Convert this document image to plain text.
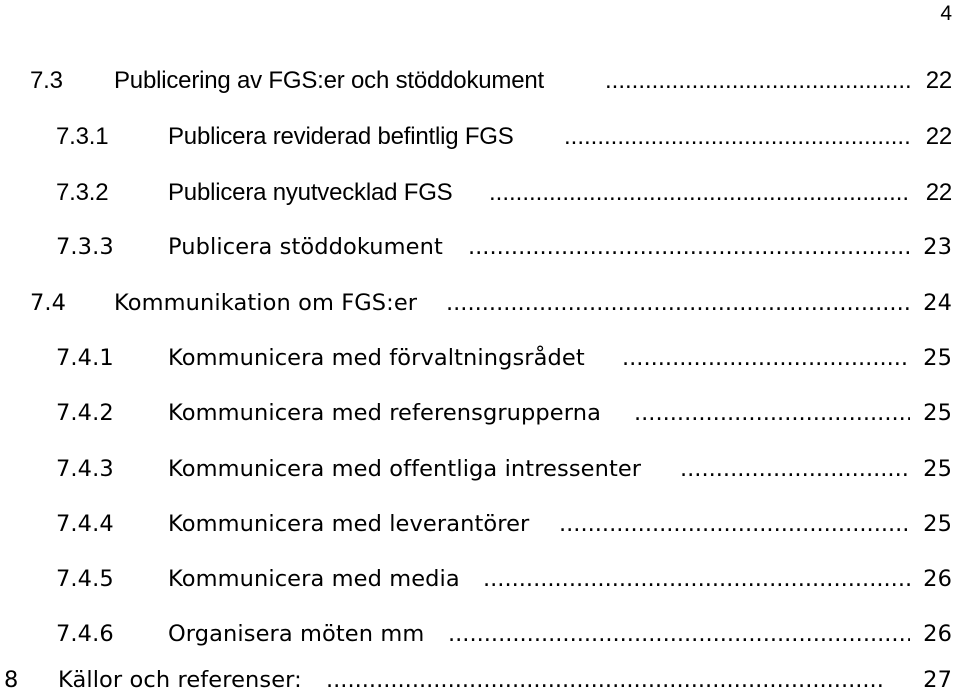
4
7.3 Publicering av FGS:er och stöddokument .....	22
7.3.1 Publicera reviderad befintlig FGS .....	22
7.3.2 Publicera nyutvecklad FGS .....	22
7.3.3 Publicera stöddokument .....	23
7.4 Kommunikation om FGS:er .....	24
7.4.1 Kommunicera med förvaltningsrådet .....	25
7.4.2 Kommunicera med referensgrupperna .....	25
7.4.3 Kommunicera med offentliga intressenter .....	25
7.4.4 Kommunicera med leverantörer .....	25
7.4.5 Kommunicera med media .....	26
7.4.6 Organisera möten mm .....	26
8 Källor och referenser: .....	27
